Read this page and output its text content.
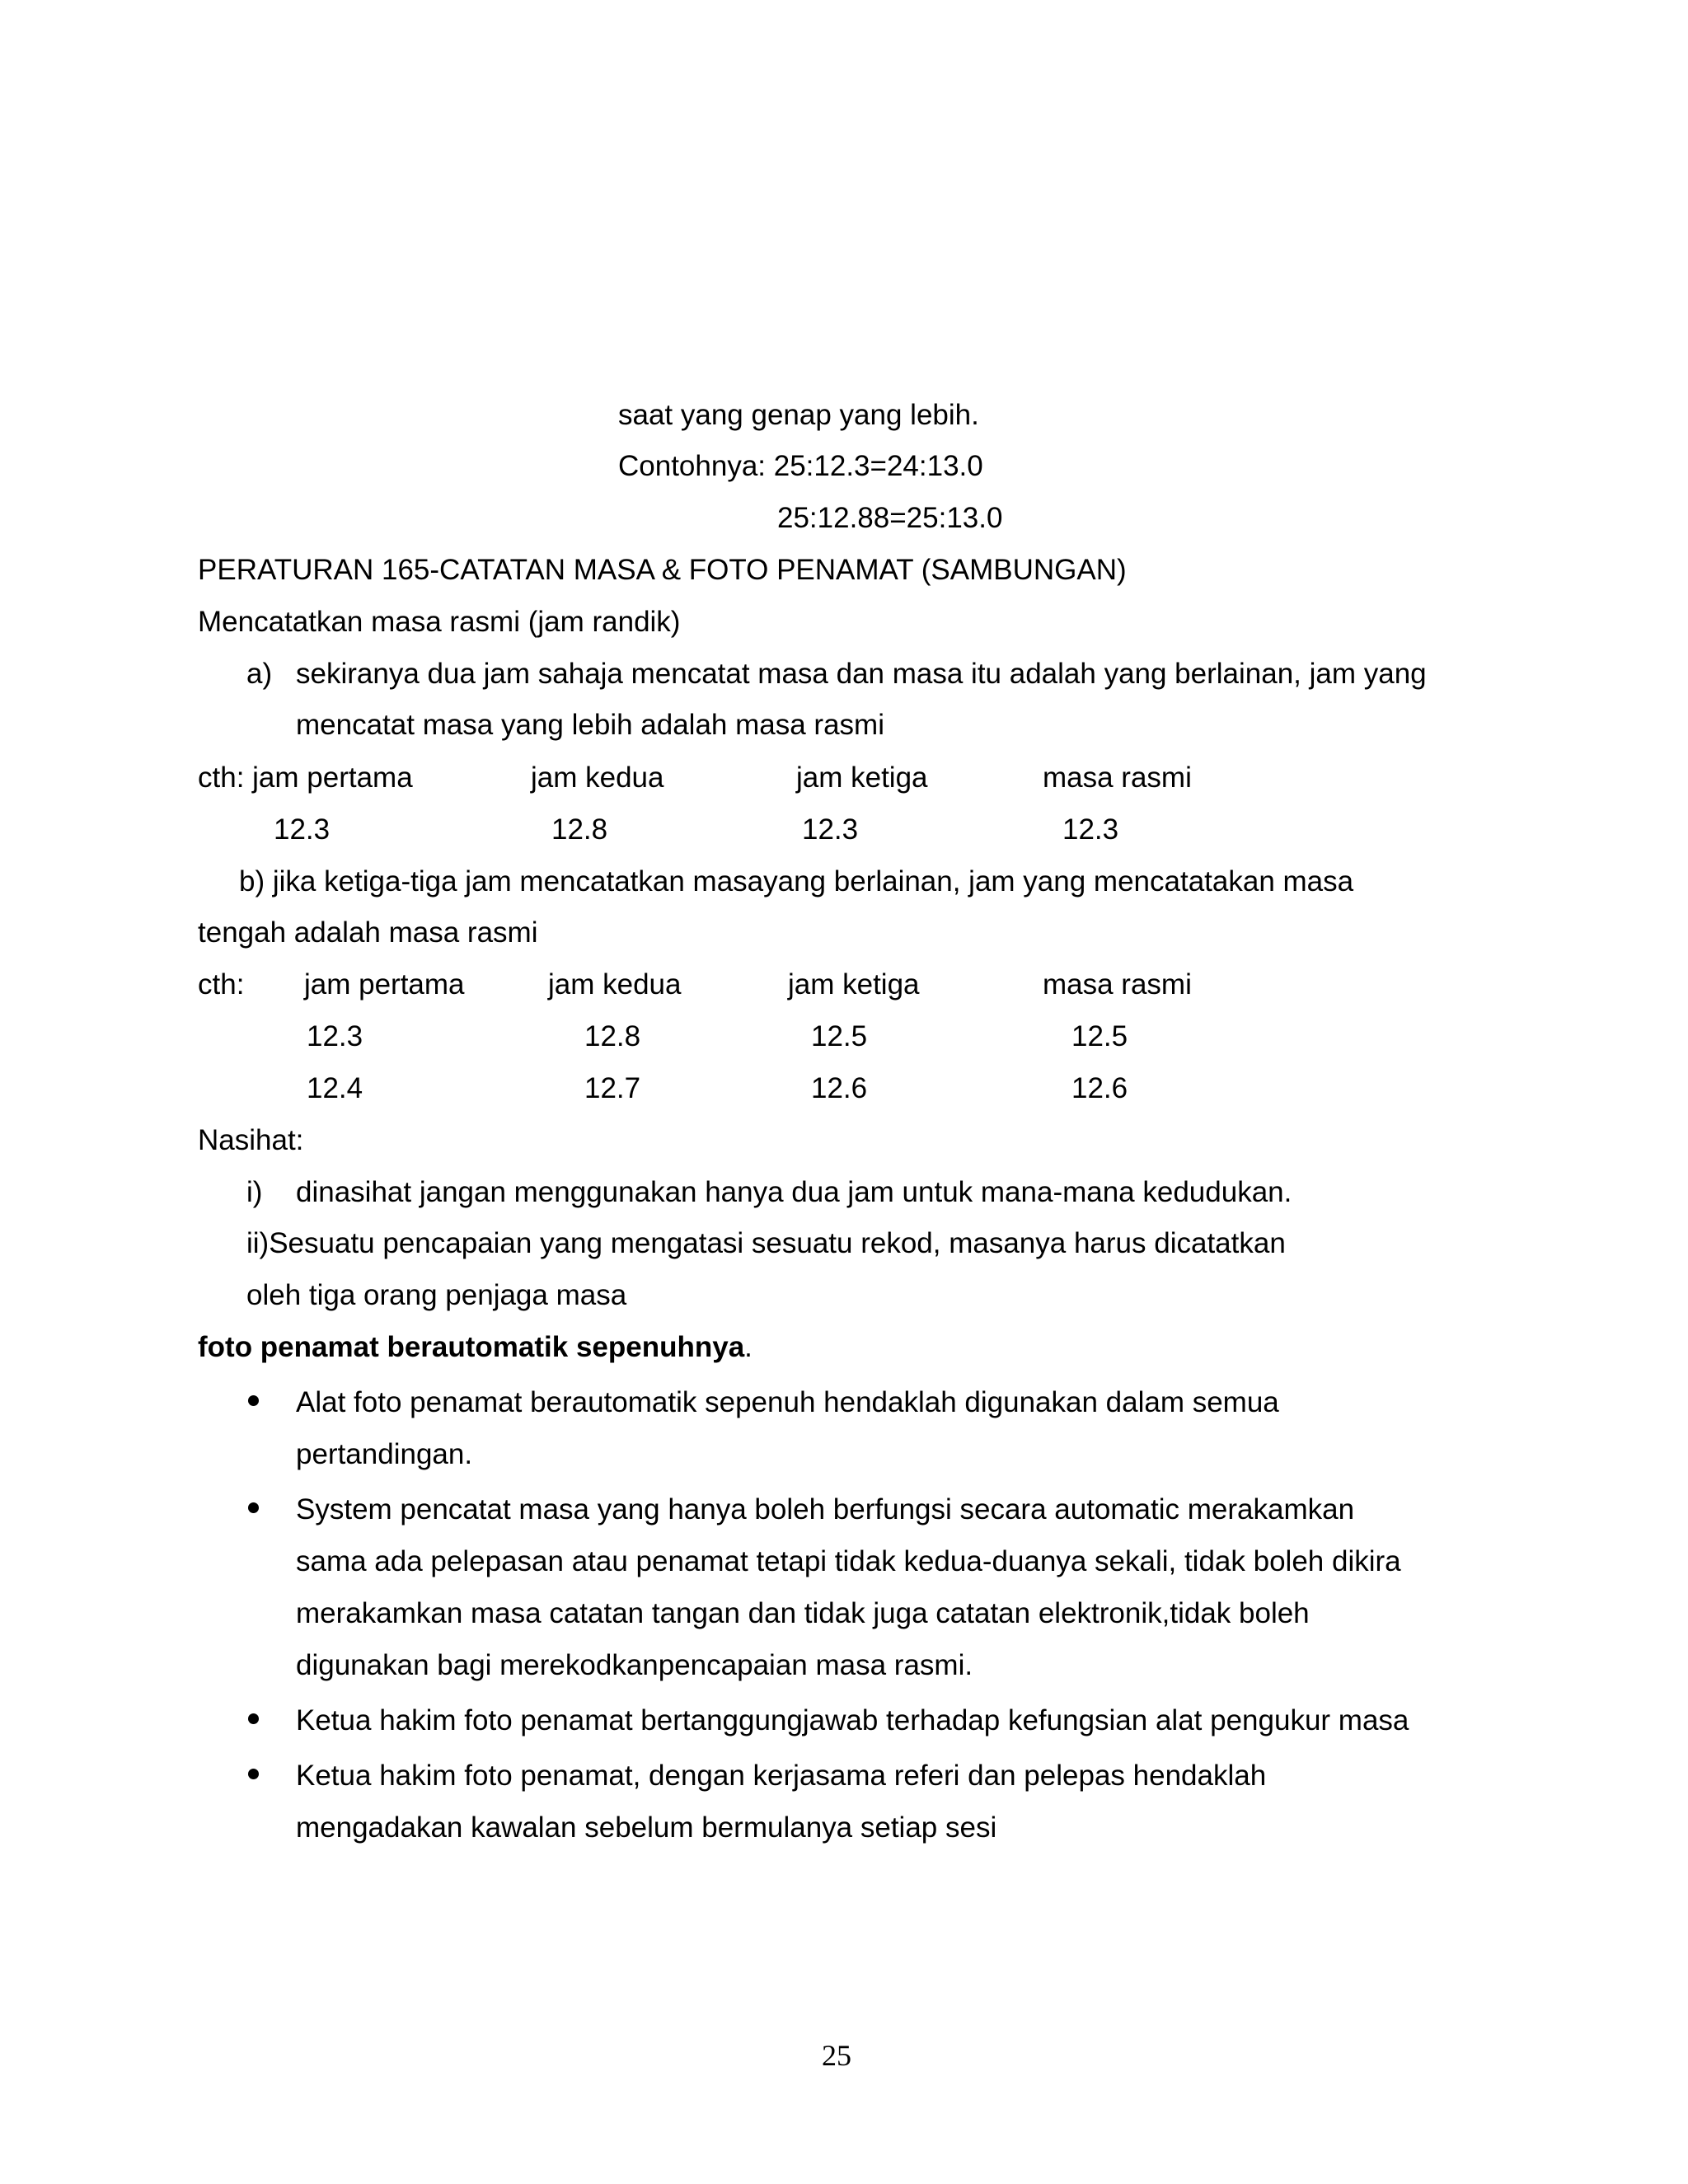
saat yang genap yang lebih.
Contohnya: 25:12.3=24:13.0
25:12.88=25:13.0
PERATURAN 165-CATATAN MASA & FOTO PENAMAT (SAMBUNGAN)
Mencatatkan masa rasmi (jam randik)
a) sekiranya dua jam sahaja mencatat masa dan masa itu adalah yang berlainan, jam yang
mencatat masa yang lebih adalah masa rasmi
cth: jam pertama	jam kedua	jam ketiga	masa rasmi
12.3	12.8	12.3	12.3
b) jika ketiga-tiga jam mencatatkan masayang berlainan, jam yang mencatatakan masa
tengah adalah masa rasmi
cth: jam pertama	jam kedua	jam ketiga	masa rasmi
12.3	12.8	12.5	12.5
12.4	12.7	12.6	12.6
Nasihat:
i) dinasihat jangan menggunakan hanya dua jam untuk mana-mana kedudukan.
ii)Sesuatu pencapaian yang mengatasi sesuatu rekod, masanya harus dicatatkan
oleh tiga orang penjaga masa
foto penamat berautomatik sepenuhnya.
Alat foto penamat berautomatik sepenuh hendaklah digunakan dalam semua
pertandingan.
System pencatat masa yang hanya boleh berfungsi secara automatic merakamkan
sama ada pelepasan atau penamat tetapi tidak kedua-duanya sekali, tidak boleh dikira
merakamkan masa catatan tangan dan tidak juga catatan elektronik,tidak boleh
digunakan bagi merekodkanpencapaian masa rasmi.
Ketua hakim foto penamat bertanggungjawab terhadap kefungsian alat pengukur masa
Ketua hakim foto penamat, dengan kerjasama referi dan pelepas hendaklah
mengadakan kawalan sebelum bermulanya setiap sesi
25
